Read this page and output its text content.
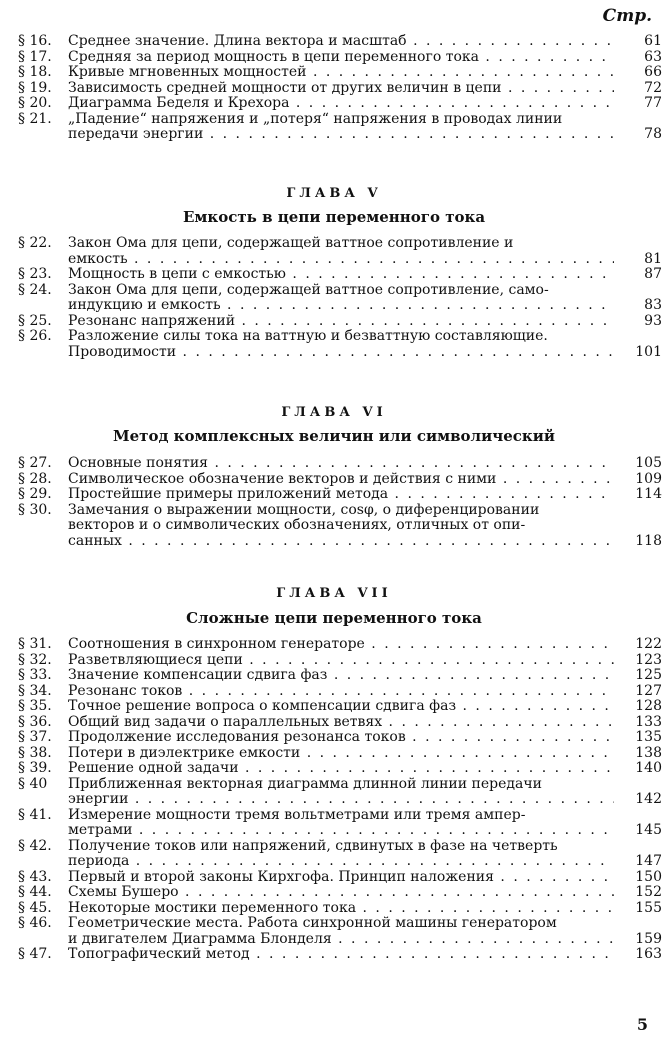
Стр.
§ 16.	Среднее значение. Длина вектора и масштаб . . .	61
§ 17.	Средняя за период мощность в цепи переменного тока . . .	63
§ 18.	Кривые мгновенных мощностей . . .	66
§ 19.	Зависимость средней мощности от других величин в цепи . . .	72
§ 20.	Диаграмма Беделя и Крехора . . .	77
§ 21.	„Падение“ напряжения и „потеря“ напряжения в проводах линии
передачи энергии . . .	78
ГЛАВА V
Емкость в цепи переменного тока
§ 22.	Закон Ома для цепи, содержащей ваттное сопротивление и
емкость . . .	81
§ 23.	Мощность в цепи с емкостью . . .	87
§ 24.	Закон Ома для цепи, содержащей ваттное сопротивление, само-
индукцию и емкость . . .	83
§ 25.	Резонанс напряжений . . .	93
§ 26.	Разложение силы тока на ваттную и безваттную составляющие.
Проводимости . . .	101
ГЛАВА VI
Метод комплексных величин или символический
§ 27.	Основные понятия . . .	105
§ 28.	Символическое обозначение векторов и действия с ними . . .	109
§ 29.	Простейшие примеры приложений метода . . .	114
§ 30.	Замечания о выражении мощности, cosφ, о диференцировании
векторов и о символических обозначениях, отличных от опи-
санных . . .	118
ГЛАВА VII
Сложные цепи переменного тока
§ 31.	Соотношения в синхронном генераторе . . .	122
§ 32.	Разветвляющиеся цепи . . .	123
§ 33.	Значение компенсации сдвига фаз . . .	125
§ 34.	Резонанс токов . . .	127
§ 35.	Точное решение вопроса о компенсации сдвига фаз . . .	128
§ 36.	Общий вид задачи о параллельных ветвях . . .	133
§ 37.	Продолжение исследования резонанса токов . . .	135
§ 38.	Потери в диэлектрике емкости . . .	138
§ 39.	Решение одной задачи . . .	140
§ 40	Приближенная векторная диаграмма длинной линии передачи
энергии . . .	142
§ 41.	Измерение мощности тремя вольтметрами или тремя ампер-
метрами . . .	145
§ 42.	Получение токов или напряжений, сдвинутых в фазе на четверть
периода . . .	147
§ 43.	Первый и второй законы Кирхгофа. Принцип наложения . . .	150
§ 44.	Схемы Бушеро . . .	152
§ 45.	Некоторые мостики переменного тока . . .	155
§ 46.	Геометрические места. Работа синхронной машины генератором
и двигателем Диаграмма Блонделя . . .	159
§ 47.	Топографический метод . . .	163
5
